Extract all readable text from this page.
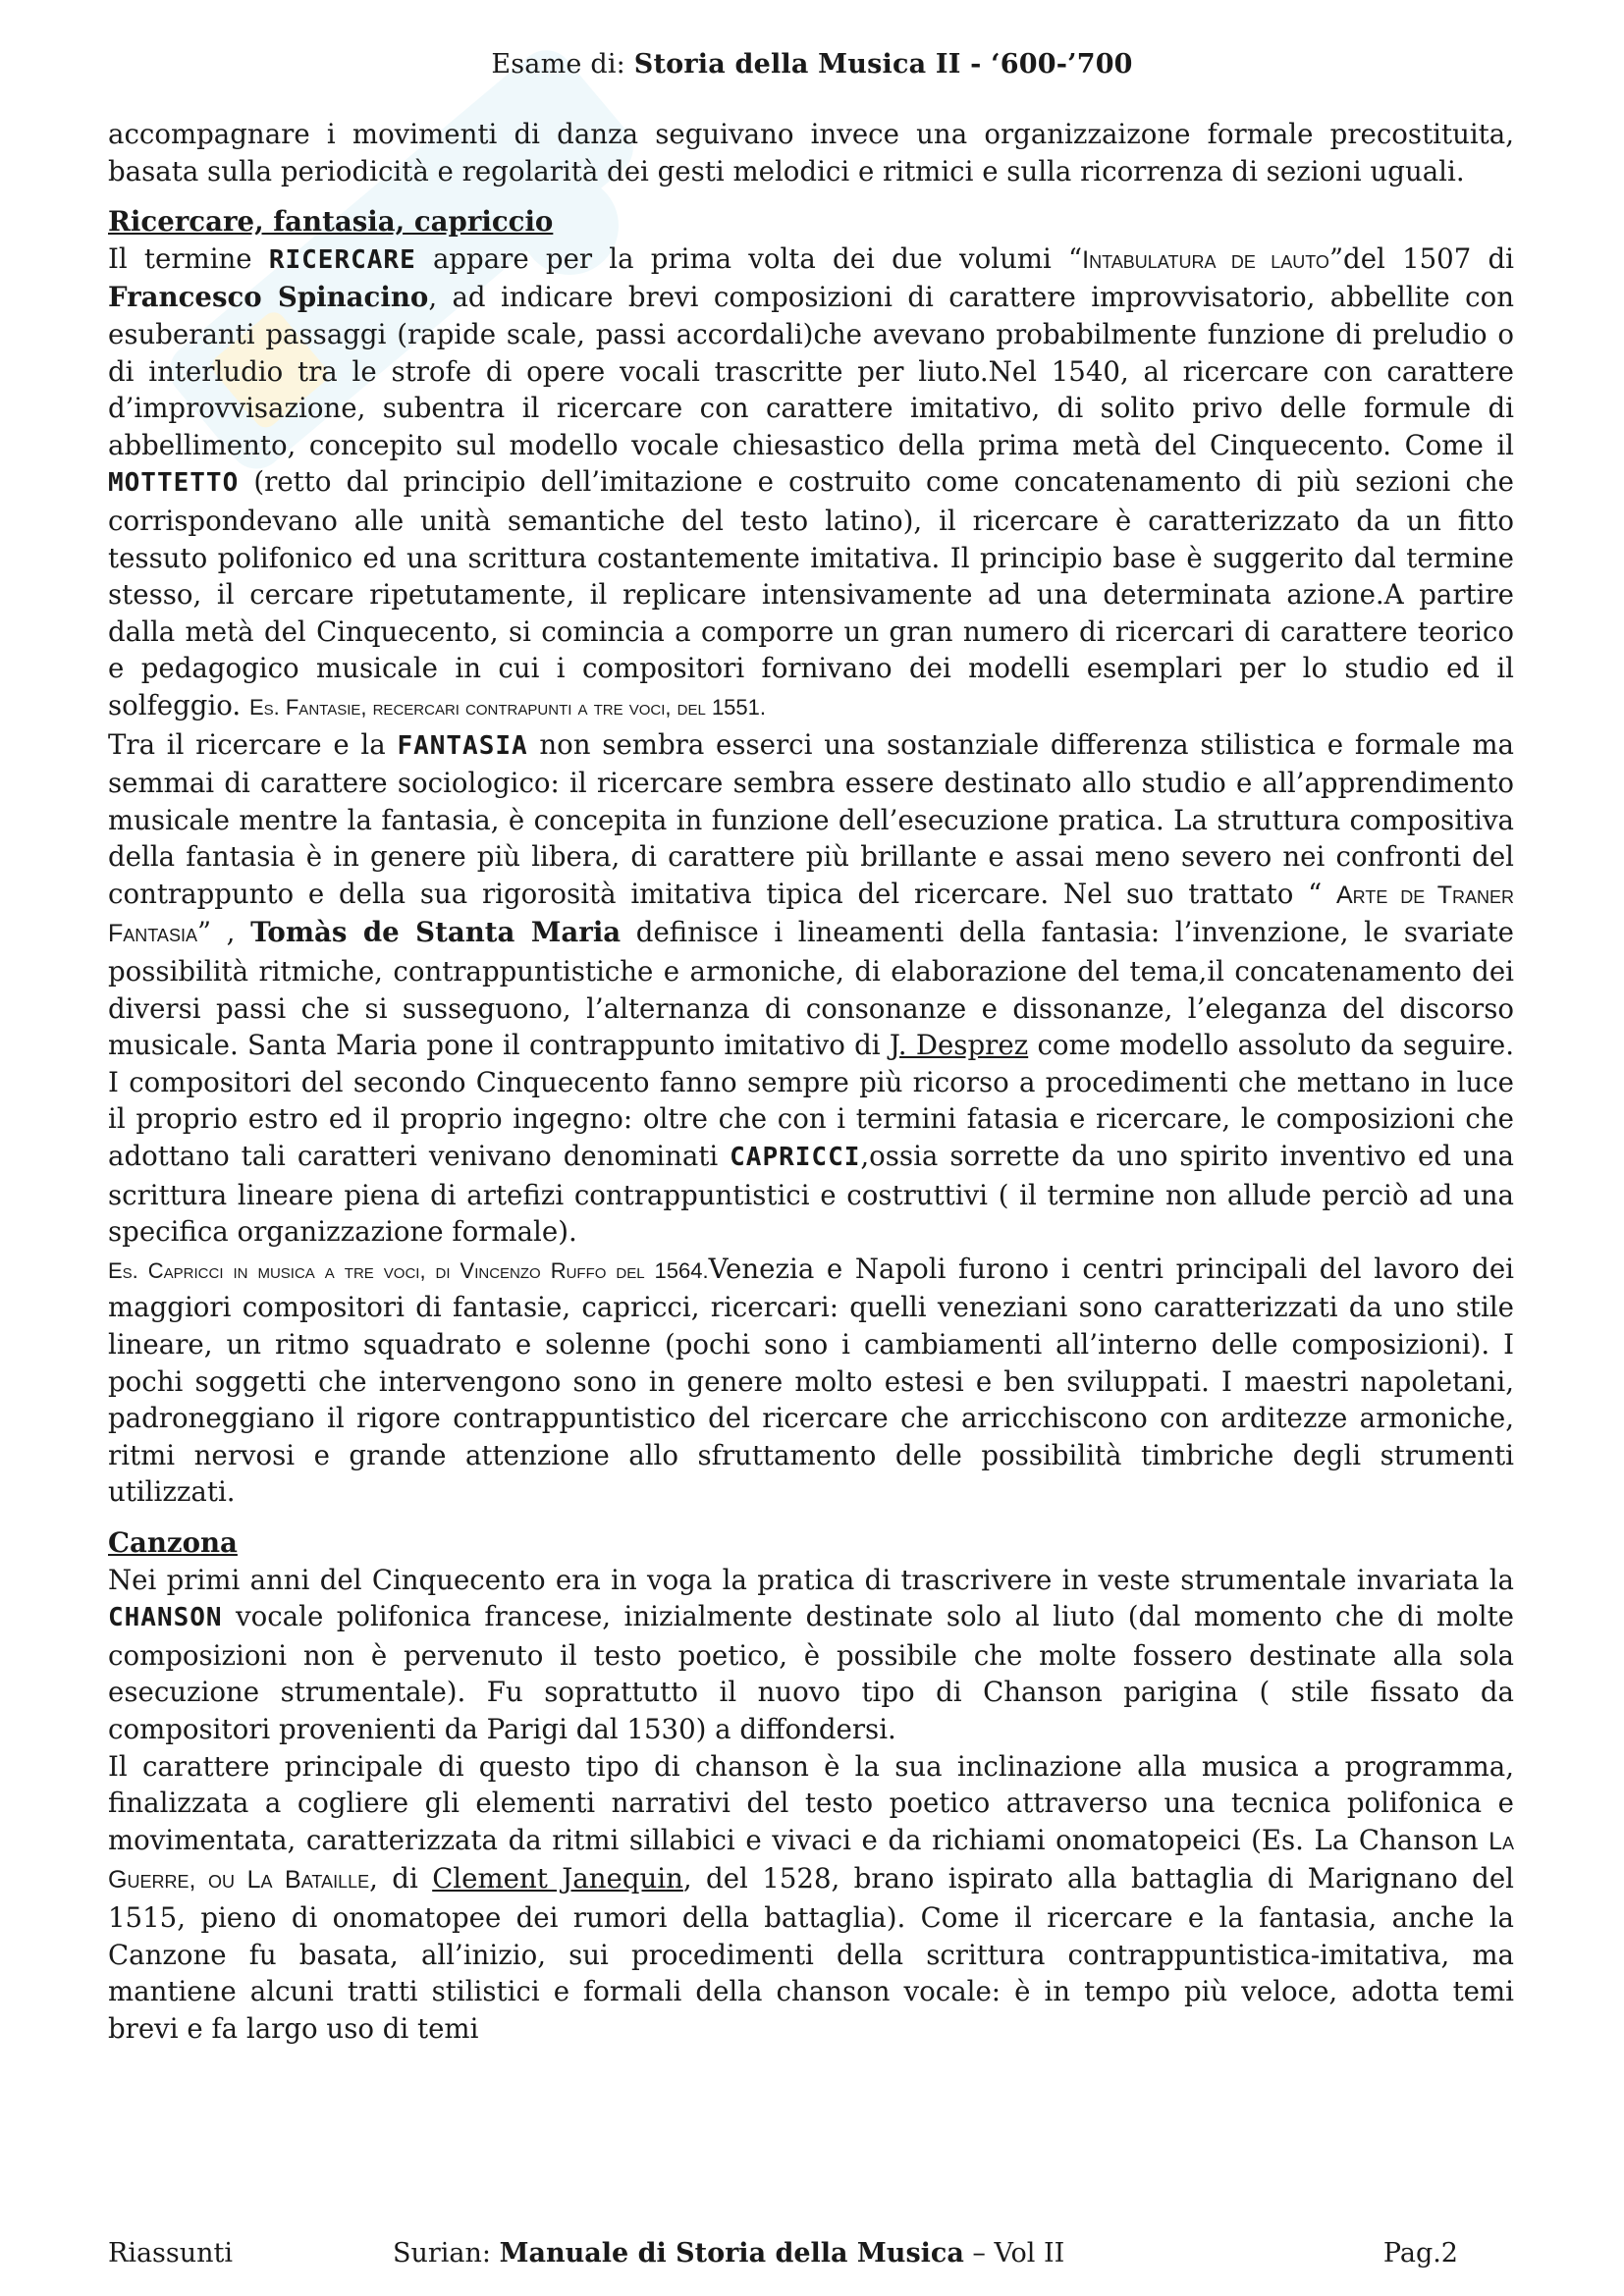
Esame di: Storia della Musica II - ‘600-’700

accompagnare i movimenti di danza seguivano invece una organizzaizone formale precostituita, basata sulla periodicità e regolarità dei gesti melodici e ritmici e sulla ricorrenza di sezioni uguali.

Ricercare, fantasia, capriccio

Il termine RICERCARE appare per la prima volta dei due volumi “Intabulatura de lauto”del 1507 di Francesco Spinacino, ad indicare brevi composizioni di carattere improvvisatorio, abbellite con esuberanti passaggi (rapide scale, passi accordali)che avevano probabilmente funzione di preludio o di interludio tra le strofe di opere vocali trascritte per liuto.Nel 1540, al ricercare con carattere d’improvvisazione, subentra il ricercare con carattere imitativo, di solito privo delle formule di abbellimento, concepito sul modello vocale chiesastico della prima metà del Cinquecento. Come il MOTTETTO (retto dal principio dell’imitazione e costruito come concatenamento di più sezioni che corrispondevano alle unità semantiche del testo latino), il ricercare è caratterizzato da un fitto tessuto polifonico ed una scrittura costantemente imitativa. Il principio base è suggerito dal termine stesso, il cercare ripetutamente, il replicare intensivamente ad una determinata azione.A partire dalla metà del Cinquecento, si comincia a comporre un gran numero di ricercari di carattere teorico e pedagogico musicale in cui i compositori fornivano dei modelli esemplari per lo studio ed il solfeggio. Es. Fantasie, recercari contrapunti a tre voci, del 1551.

Tra il ricercare e la FANTASIA non sembra esserci una sostanziale differenza stilistica e formale ma semmai di carattere sociologico: il ricercare sembra essere destinato allo studio e all’apprendimento musicale mentre la fantasia, è concepita in funzione dell’esecuzione pratica. La struttura compositiva della fantasia è in genere più libera, di carattere più brillante e assai meno severo nei confronti del contrappunto e della sua rigorosità imitativa tipica del ricercare. Nel suo trattato “ Arte de Traner Fantasia” , Tomàs de Stanta Maria definisce i lineamenti della fantasia: l’invenzione, le svariate possibilità ritmiche, contrappuntistiche e armoniche, di elaborazione del tema,il concatenamento dei diversi passi che si susseguono, l’alternanza di consonanze e dissonanze, l’eleganza del discorso musicale. Santa Maria pone il contrappunto imitativo di J. Desprez come modello assoluto da seguire. I compositori del secondo Cinquecento fanno sempre più ricorso a procedimenti che mettano in luce il proprio estro ed il proprio ingegno: oltre che con i termini fatasia e ricercare, le composizioni che adottano tali caratteri venivano denominati CAPRICCI,ossia sorrette da uno spirito inventivo ed una scrittura lineare piena di artefizi contrappuntistici e costruttivi ( il termine non allude perciò ad una specifica organizzazione formale).

Es. Capricci in musica a tre voci, di Vincenzo Ruffo del 1564.Venezia e Napoli furono i centri principali del lavoro dei maggiori compositori di fantasie, capricci, ricercari: quelli veneziani sono caratterizzati da uno stile lineare, un ritmo squadrato e solenne (pochi sono i cambiamenti all’interno delle composizioni). I pochi soggetti che intervengono sono in genere molto estesi e ben sviluppati. I maestri napoletani, padroneggiano il rigore contrappuntistico del ricercare che arricchiscono con arditezze armoniche, ritmi nervosi e grande attenzione allo sfruttamento delle possibilità timbriche degli strumenti utilizzati.

Canzona

Nei primi anni del Cinquecento era in voga la pratica di trascrivere in veste strumentale invariata la CHANSON vocale polifonica francese, inizialmente destinate solo al liuto (dal momento che di molte composizioni non è pervenuto il testo poetico, è possibile che molte fossero destinate alla sola esecuzione strumentale). Fu soprattutto il nuovo tipo di Chanson parigina ( stile fissato da compositori provenienti da Parigi dal 1530) a diffondersi.

Il carattere principale di questo tipo di chanson è la sua inclinazione alla musica a programma, finalizzata a cogliere gli elementi narrativi del testo poetico attraverso una tecnica polifonica e movimentata, caratterizzata da ritmi sillabici e vivaci e da richiami onomatopeici (Es. La Chanson La Guerre, ou La Bataille, di Clement Janequin, del 1528, brano ispirato alla battaglia di Marignano del 1515, pieno di onomatopee dei rumori della battaglia). Come il ricercare e la fantasia, anche la Canzone fu basata, all’inizio, sui procedimenti della scrittura contrappuntistica-imitativa, ma mantiene alcuni tratti stilistici e formali della chanson vocale: è in tempo più veloce, adotta temi brevi e fa largo uso di temi

Riassunti	Surian: Manuale di Storia della Musica – Vol II	Pag.2
